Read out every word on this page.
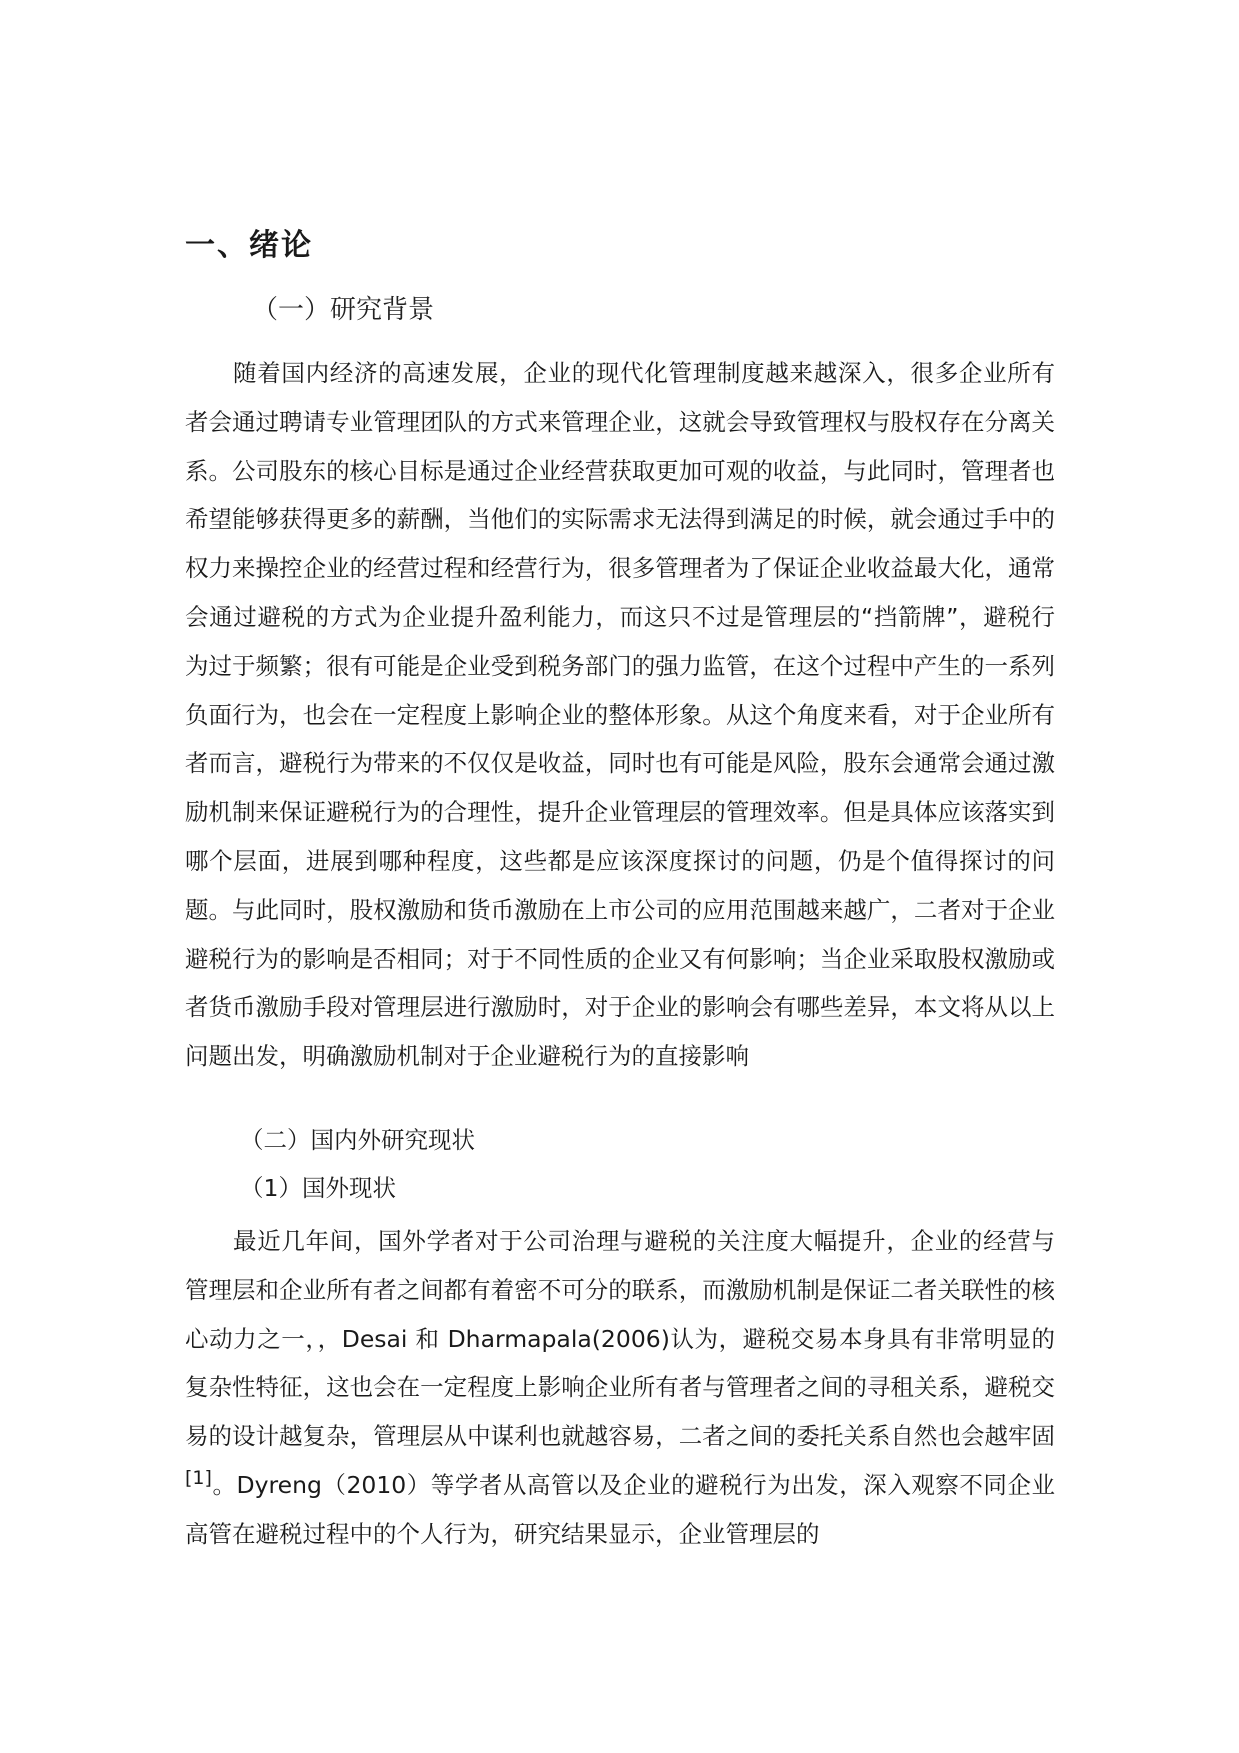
一、绪论
（一）研究背景

随着国内经济的高速发展，企业的现代化管理制度越来越深入，很多企业所有者会通过聘请专业管理团队的方式来管理企业，这就会导致管理权与股权存在分离关系。公司股东的核心目标是通过企业经营获取更加可观的收益，与此同时，管理者也希望能够获得更多的薪酬，当他们的实际需求无法得到满足的时候，就会通过手中的权力来操控企业的经营过程和经营行为，很多管理者为了保证企业收益最大化，通常会通过避税的方式为企业提升盈利能力，而这只不过是管理层的“挡箭牌”，避税行为过于频繁；很有可能是企业受到税务部门的强力监管，在这个过程中产生的一系列负面行为，也会在一定程度上影响企业的整体形象。从这个角度来看，对于企业所有者而言，避税行为带来的不仅仅是收益，同时也有可能是风险，股东会通常会通过激励机制来保证避税行为的合理性，提升企业管理层的管理效率。但是具体应该落实到哪个层面，进展到哪种程度，这些都是应该深度探讨的问题，仍是个值得探讨的问题。与此同时，股权激励和货币激励在上市公司的应用范围越来越广，二者对于企业避税行为的影响是否相同；对于不同性质的企业又有何影响；当企业采取股权激励或者货币激励手段对管理层进行激励时，对于企业的影响会有哪些差异，本文将从以上问题出发，明确激励机制对于企业避税行为的直接影响

（二）国内外研究现状
（1）国外现状

最近几年间，国外学者对于公司治理与避税的关注度大幅提升，企业的经营与管理层和企业所有者之间都有着密不可分的联系，而激励机制是保证二者关联性的核心动力之一，，Desai 和 Dharmapala(2006)认为，避税交易本身具有非常明显的复杂性特征，这也会在一定程度上影响企业所有者与管理者之间的寻租关系，避税交易的设计越复杂，管理层从中谋利也就越容易，二者之间的委托关系自然也会越牢固[1]。Dyreng（2010）等学者从高管以及企业的避税行为出发，深入观察不同企业高管在避税过程中的个人行为，研究结果显示，企业管理层的
